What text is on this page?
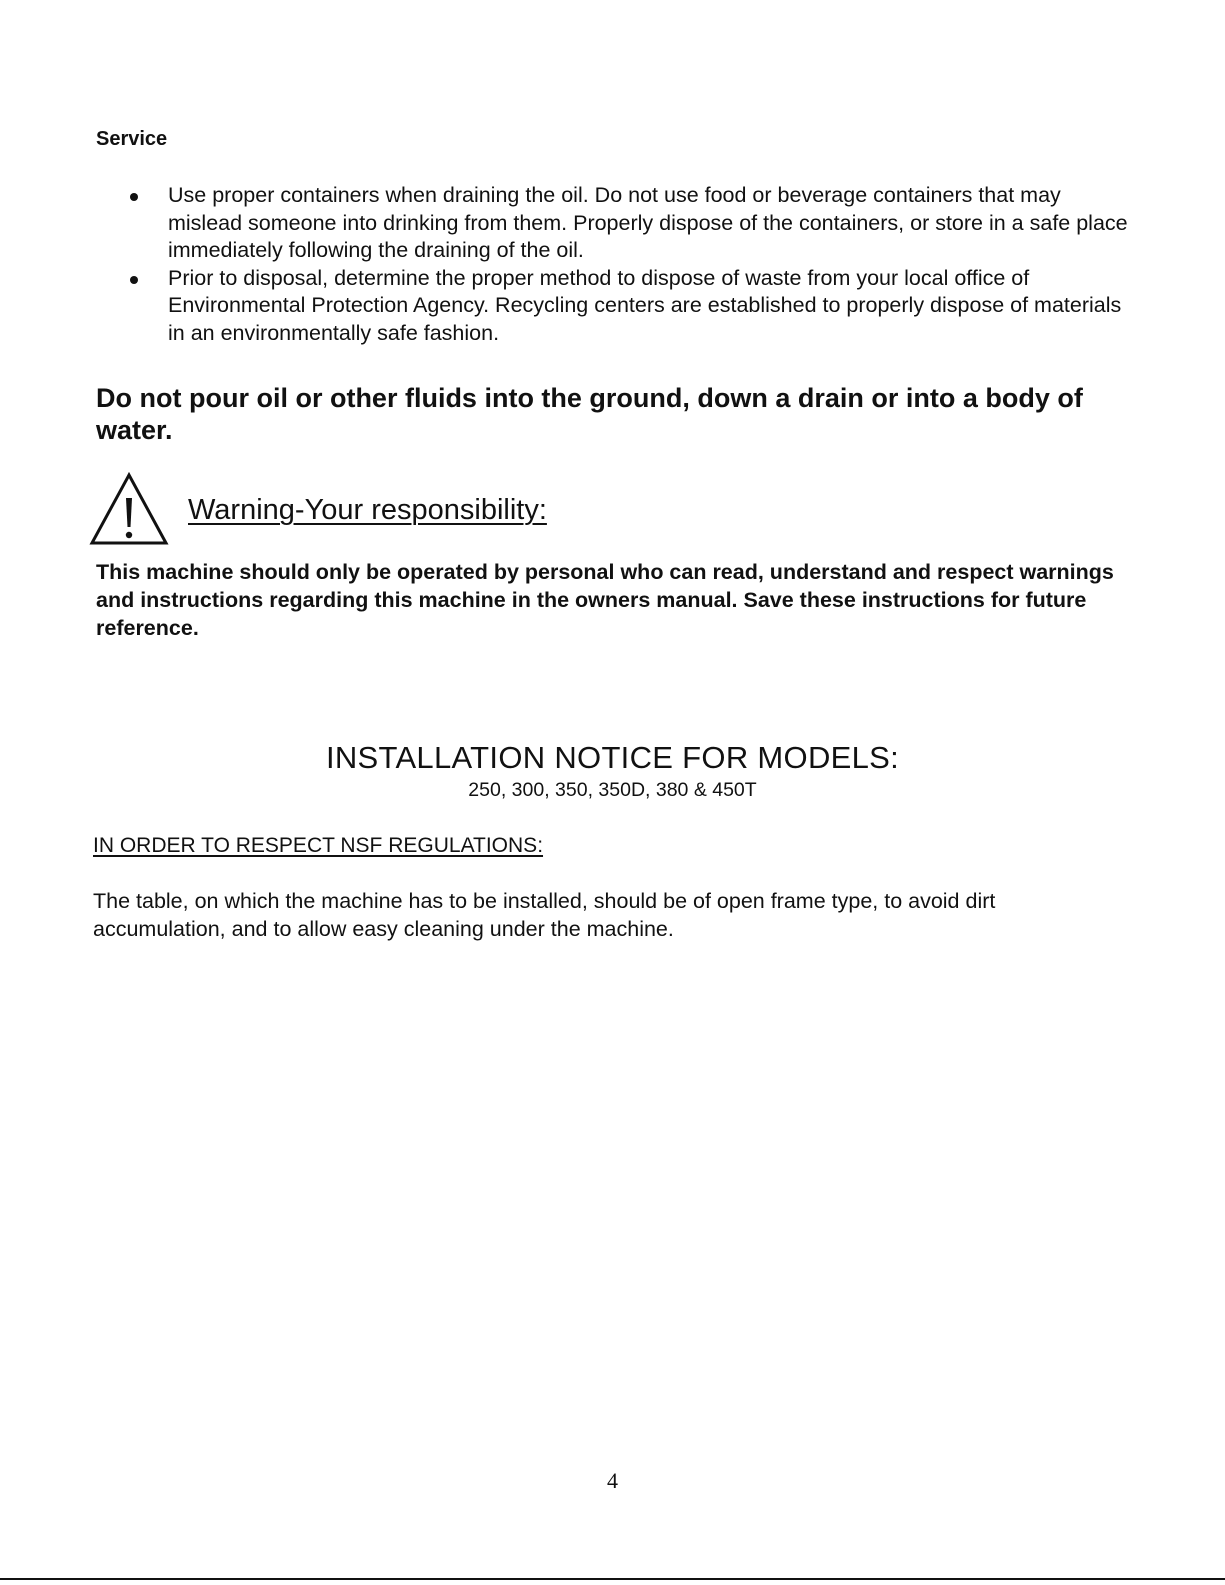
Service
Use proper containers when draining the oil. Do not use food or beverage containers that may mislead someone into drinking from them. Properly dispose of the containers, or store in a safe place immediately following the draining of the oil.
Prior to disposal, determine the proper method to dispose of waste from your local office of Environmental Protection Agency. Recycling centers are established to properly dispose of materials in an environmentally safe fashion.

Do not pour oil or other fluids into the ground, down a drain or into a body of water.

Warning-Your responsibility:

This machine should only be operated by personal who can read, understand and respect warnings and instructions regarding this machine in the owners manual. Save these instructions for future reference.

INSTALLATION NOTICE FOR MODELS:

250, 300, 350, 350D, 380 & 450T

IN ORDER TO RESPECT NSF REGULATIONS:

The table, on which the machine has to be installed, should be of open frame type, to avoid dirt accumulation, and to allow easy cleaning under the machine.

4
